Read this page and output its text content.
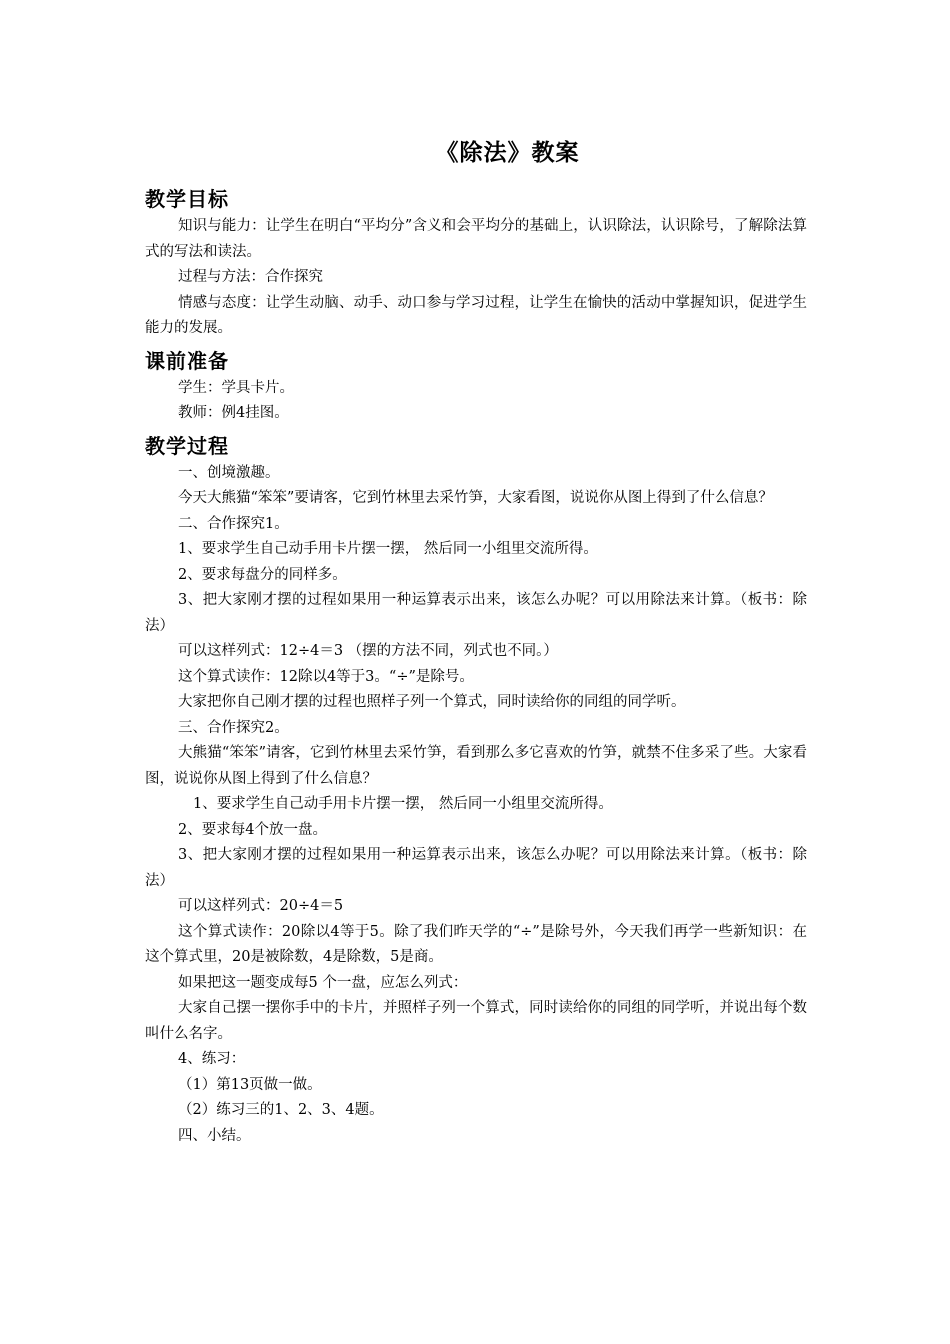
《除法》教案
教学目标

知识与能力：让学生在明白“平均分”含义和会平均分的基础上，认识除法，认识除号，了解除法算式的写法和读法。

过程与方法：合作探究

情感与态度：让学生动脑、动手、动口参与学习过程，让学生在愉快的活动中掌握知识，促进学生能力的发展。

课前准备

学生：学具卡片。

教师：例4挂图。

教学过程

一、创境激趣。

今天大熊猫“笨笨”要请客，它到竹林里去采竹笋，大家看图，说说你从图上得到了什么信息？

二、合作探究1。

1、要求学生自己动手用卡片摆一摆， 然后同一小组里交流所得。

2、要求每盘分的同样多。

3、把大家刚才摆的过程如果用一种运算表示出来，该怎么办呢？可以用除法来计算。（板书：除法）

可以这样列式：12÷4＝3 （摆的方法不同，列式也不同。）

这个算式读作：12除以4等于3。“÷”是除号。

大家把你自己刚才摆的过程也照样子列一个算式，同时读给你的同组的同学听。

三、合作探究2。

大熊猫“笨笨”请客，它到竹林里去采竹笋，看到那么多它喜欢的竹笋，就禁不住多采了些。大家看图，说说你从图上得到了什么信息？

1、要求学生自己动手用卡片摆一摆， 然后同一小组里交流所得。

2、要求每4个放一盘。

3、把大家刚才摆的过程如果用一种运算表示出来，该怎么办呢？可以用除法来计算。（板书：除法）

可以这样列式：20÷4＝5

这个算式读作：20除以4等于5。除了我们昨天学的“÷”是除号外，今天我们再学一些新知识：在这个算式里，20是被除数，4是除数，5是商。

如果把这一题变成每5 个一盘，应怎么列式：

大家自己摆一摆你手中的卡片，并照样子列一个算式，同时读给你的同组的同学听，并说出每个数叫什么名字。

4、练习：

（1）第13页做一做。

（2）练习三的1、2、3、4题。

四、小结。
